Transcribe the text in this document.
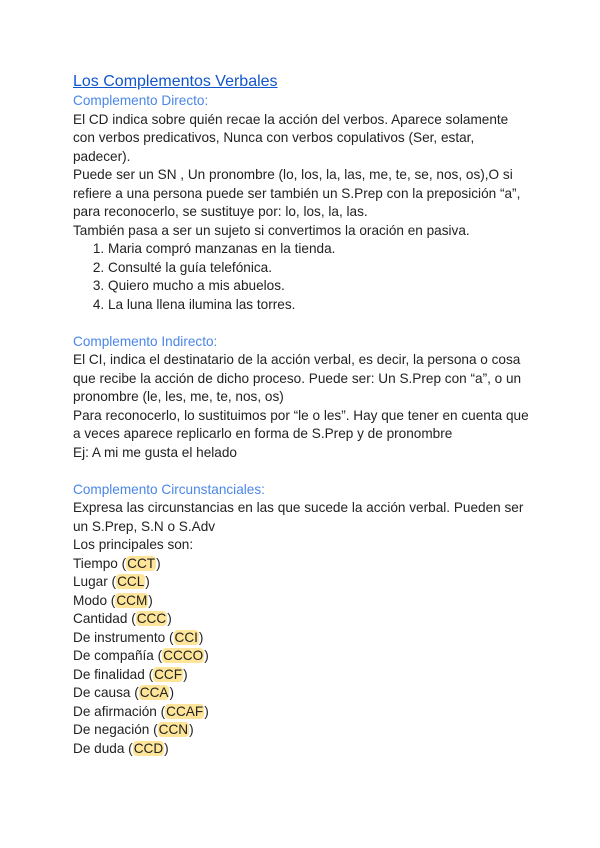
Los Complementos Verbales

Complemento Directo:

El CD indica sobre quién recae la acción del verbos. Aparece solamente con verbos predicativos, Nunca con verbos copulativos (Ser, estar, padecer).

Puede ser un SN , Un pronombre (lo, los, la, las, me, te, se, nos, os),O si refiere a una persona puede ser también un S.Prep con la preposición “a”, para reconocerlo, se sustituye por: lo, los, la, las.

También pasa a ser un sujeto si convertimos la oración en pasiva.

1. Maria compró manzanas en la tienda.
2. Consulté la guía telefónica.
3. Quiero mucho a mis abuelos.
4. La luna llena ilumina las torres.

Complemento Indirecto:

El CI, indica el destinatario de la acción verbal, es decir, la persona o cosa que recibe la acción de dicho proceso. Puede ser: Un S.Prep con “a”, o un pronombre (le, les, me, te, nos, os)

Para reconocerlo, lo sustituimos por “le o les”. Hay que tener en cuenta que a veces aparece replicarlo en forma de S.Prep y de pronombre

Ej: A mi me gusta el helado

Complemento Circunstanciales:

Expresa las circunstancias en las que sucede la acción verbal. Pueden ser un S.Prep, S.N o S.Adv

Los principales son:

Tiempo (CCT)

Lugar (CCL)

Modo (CCM)

Cantidad (CCC)

De instrumento (CCI)

De compañía (CCCO)

De finalidad (CCF)

De causa (CCA)

De afirmación (CCAF)

De negación (CCN)

De duda (CCD)
